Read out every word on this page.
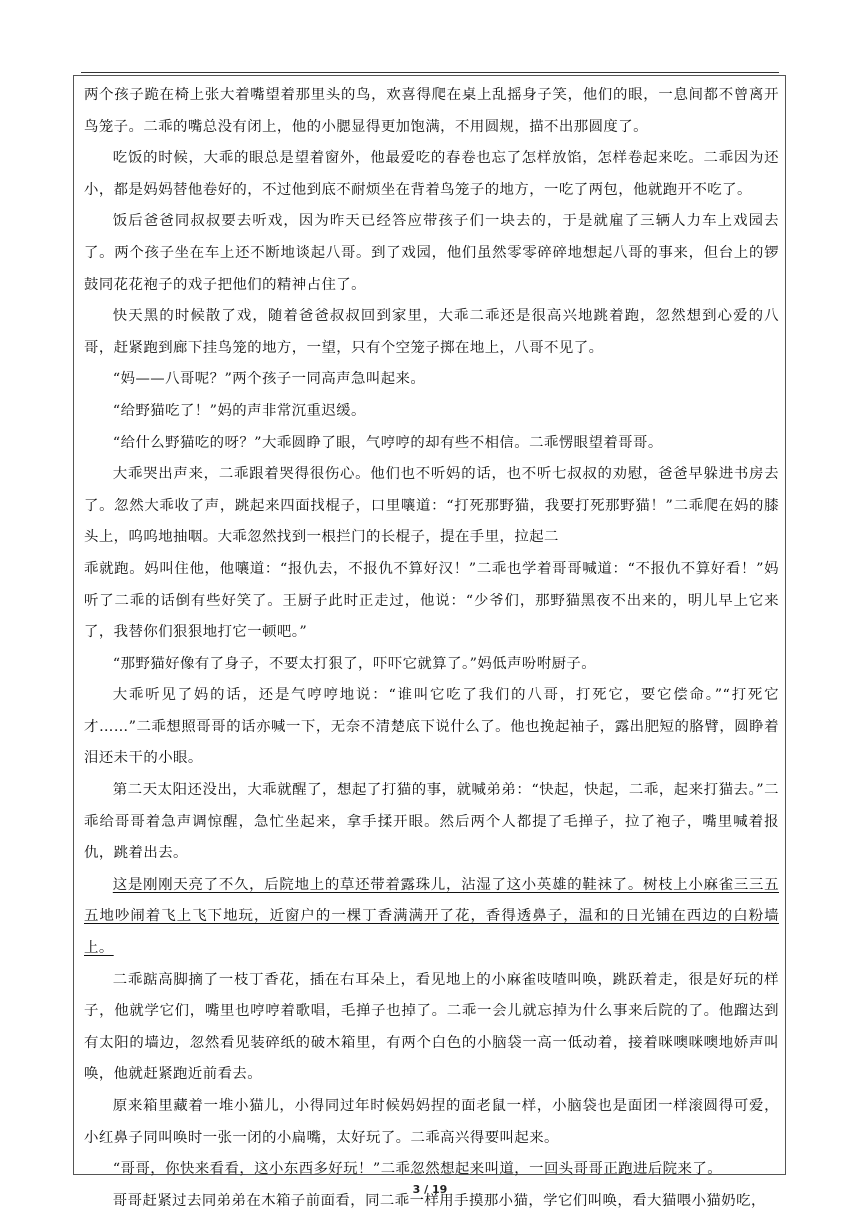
两个孩子跪在椅上张大着嘴望着那里头的鸟，欢喜得爬在桌上乱摇身子笑，他们的眼，一息间都不曾离开鸟笼子。二乖的嘴总没有闭上，他的小腮显得更加饱满，不用圆规，描不出那圆度了。

吃饭的时候，大乖的眼总是望着窗外，他最爱吃的春卷也忘了怎样放馅，怎样卷起来吃。二乖因为还小，都是妈妈替他卷好的，不过他到底不耐烦坐在背着鸟笼子的地方，一吃了两包，他就跑开不吃了。

饭后爸爸同叔叔要去听戏，因为昨天已经答应带孩子们一块去的，于是就雇了三辆人力车上戏园去了。两个孩子坐在车上还不断地谈起八哥。到了戏园，他们虽然零零碎碎地想起八哥的事来，但台上的锣鼓同花花袍子的戏子把他们的精神占住了。

快天黑的时候散了戏，随着爸爸叔叔回到家里，大乖二乖还是很高兴地跳着跑，忽然想到心爱的八哥，赶紧跑到廊下挂鸟笼的地方，一望，只有个空笼子掷在地上，八哥不见了。

“妈——八哥呢？”两个孩子一同高声急叫起来。

“给野猫吃了！”妈的声非常沉重迟缓。

“给什么野猫吃的呀？”大乖圆睁了眼，气哼哼的却有些不相信。二乖愣眼望着哥哥。

大乖哭出声来，二乖跟着哭得很伤心。他们也不听妈的话，也不听七叔叔的劝慰，爸爸早躲进书房去了。忽然大乖收了声，跳起来四面找棍子，口里嚷道：“打死那野猫，我要打死那野猫！”二乖爬在妈的膝头上，呜呜地抽咽。大乖忽然找到一根拦门的长棍子，提在手里，拉起二

乖就跑。妈叫住他，他嚷道：“报仇去，不报仇不算好汉！”二乖也学着哥哥喊道：“不报仇不算好看！”妈听了二乖的话倒有些好笑了。王厨子此时正走过，他说：“少爷们，那野猫黑夜不出来的，明儿早上它来了，我替你们狠狠地打它一顿吧。”

“那野猫好像有了身子，不要太打狠了，吓吓它就算了。”妈低声吩咐厨子。

大乖听见了妈的话，还是气哼哼地说：“谁叫它吃了我们的八哥，打死它，要它偿命。”“打死它才……”二乖想照哥哥的话亦喊一下，无奈不清楚底下说什么了。他也挽起袖子，露出肥短的胳臂，圆睁着泪还未干的小眼。

第二天太阳还没出，大乖就醒了，想起了打猫的事，就喊弟弟：“快起，快起，二乖，起来打猫去。”二乖给哥哥着急声调惊醒，急忙坐起来，拿手揉开眼。然后两个人都提了毛掸子，拉了袍子，嘴里喊着报仇，跳着出去。

这是刚刚天亮了不久，后院地上的草还带着露珠儿，沾湿了这小英雄的鞋袜了。树枝上小麻雀三三五五地吵闹着飞上飞下地玩，近窗户的一棵丁香满满开了花，香得透鼻子，温和的日光铺在西边的白粉墙上。

二乖踮高脚摘了一枝丁香花，插在右耳朵上，看见地上的小麻雀吱喳叫唤，跳跃着走，很是好玩的样子，他就学它们，嘴里也哼哼着歌唱，毛掸子也掉了。二乖一会儿就忘掉为什么事来后院的了。他蹓达到有太阳的墙边，忽然看见装碎纸的破木箱里，有两个白色的小脑袋一高一低动着，接着咪噢咪噢地娇声叫唤，他就赶紧跑近前看去。

原来箱里藏着一堆小猫儿，小得同过年时候妈妈捏的面老鼠一样，小脑袋也是面团一样滚圆得可爱，小红鼻子同叫唤时一张一闭的小扁嘴，太好玩了。二乖高兴得要叫起来。

“哥哥，你快来看看，这小东西多好玩！”二乖忽然想起来叫道，一回头哥哥正跑进后院来了。

哥哥赶紧过去同弟弟在木箱子前面看，同二乖一样用手摸那小猫，学它们叫唤，看大猫喂小猫奶吃，

3 / 19
